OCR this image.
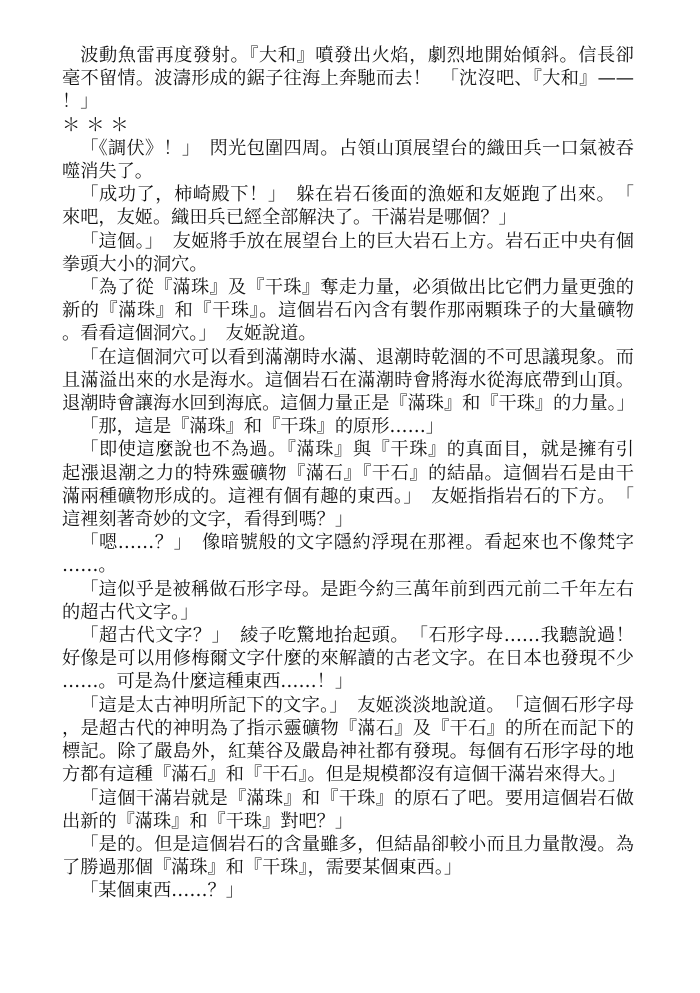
波動魚雷再度發射。『大和』噴發出火焰，劇烈地開始傾斜。信長卻毫不留情。波濤形成的鋸子往海上奔馳而去！　「沈沒吧、『大和』——！」

＊＊＊

「《調伏》！」　閃光包圍四周。占領山頂展望台的織田兵一口氣被吞噬消失了。

「成功了，柿崎殿下！」　躲在岩石後面的漁姬和友姬跑了出來。　「來吧，友姬。織田兵已經全部解決了。干滿岩是哪個？」

「這個。」　友姬將手放在展望台上的巨大岩石上方。岩石正中央有個拳頭大小的洞穴。

「為了從『滿珠』及『干珠』奪走力量，必須做出比它們力量更強的新的『滿珠』和『干珠』。這個岩石內含有製作那兩顆珠子的大量礦物。看看這個洞穴。」　友姬說道。

「在這個洞穴可以看到滿潮時水滿、退潮時乾涸的不可思議現象。而且滿溢出來的水是海水。這個岩石在滿潮時會將海水從海底帶到山頂。退潮時會讓海水回到海底。這個力量正是『滿珠』和『干珠』的力量。」

「那，這是『滿珠』和『干珠』的原形……」

「即使這麼說也不為過。『滿珠』與『干珠』的真面目，就是擁有引起漲退潮之力的特殊靈礦物『滿石』『干石』的結晶。這個岩石是由干滿兩種礦物形成的。這裡有個有趣的東西。」　友姬指指岩石的下方。　「這裡刻著奇妙的文字，看得到嗎？」

「嗯……？」　像暗號般的文字隱約浮現在那裡。看起來也不像梵字……。

「這似乎是被稱做石形字母。是距今約三萬年前到西元前二千年左右的超古代文字。」

「超古代文字？」　綾子吃驚地抬起頭。　「石形字母……我聽說過！好像是可以用修梅爾文字什麼的來解讀的古老文字。在日本也發現不少……。可是為什麼這種東西……！」

「這是太古神明所記下的文字。」　友姬淡淡地說道。　「這個石形字母，是超古代的神明為了指示靈礦物『滿石』及『干石』的所在而記下的標記。除了嚴島外，紅葉谷及嚴島神社都有發現。每個有石形字母的地方都有這種『滿石』和『干石』。但是規模都沒有這個干滿岩來得大。」

「這個干滿岩就是『滿珠』和『干珠』的原石了吧。要用這個岩石做出新的『滿珠』和『干珠』對吧？」

「是的。但是這個岩石的含量雖多，但結晶卻較小而且力量散漫。為了勝過那個『滿珠』和『干珠』，需要某個東西。」

「某個東西……？」
